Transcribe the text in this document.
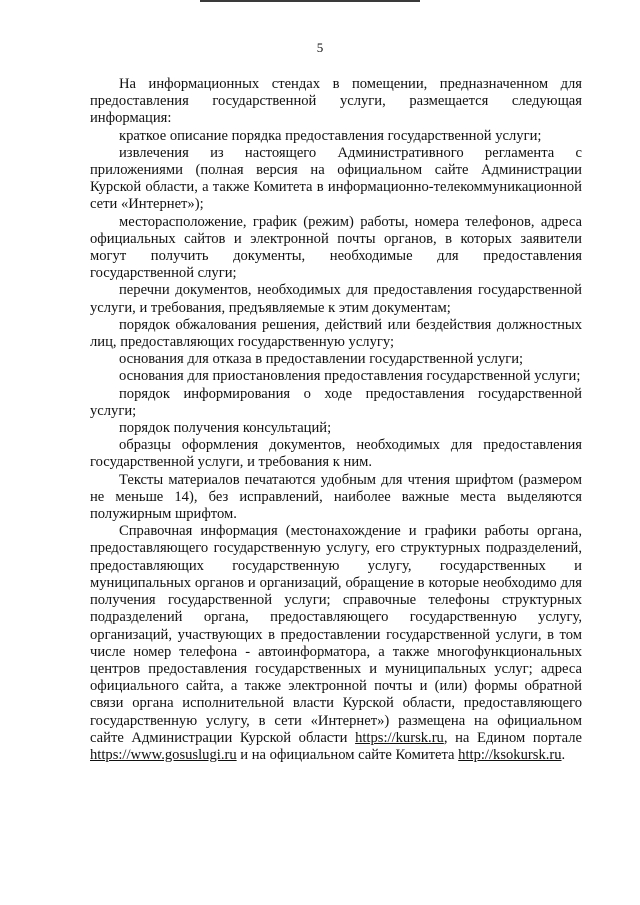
5

На информационных стендах в помещении, предназначенном для предоставления государственной услуги, размещается следующая информация:

краткое описание порядка предоставления государственной услуги;

извлечения из настоящего Административного регламента с приложениями (полная версия на официальном сайте Администрации Курской области, а также Комитета в информационно-телекоммуникационной сети «Интернет»);

месторасположение, график (режим) работы, номера телефонов, адреса официальных сайтов и электронной почты органов, в которых заявители могут получить документы, необходимые для предоставления государственной слуги;

перечни документов, необходимых для предоставления государственной услуги, и требования, предъявляемые к этим документам;

порядок обжалования решения, действий или бездействия должностных лиц, предоставляющих государственную услугу;

основания для отказа в предоставлении государственной услуги;

основания для приостановления предоставления государственной услуги;

порядок информирования о ходе предоставления государственной услуги;

порядок получения консультаций;

образцы оформления документов, необходимых для предоставления государственной услуги, и требования к ним.

Тексты материалов печатаются удобным для чтения шрифтом (размером не меньше 14), без исправлений, наиболее важные места выделяются полужирным шрифтом.

Справочная информация (местонахождение и графики работы органа, предоставляющего государственную услугу, его структурных подразделений, предоставляющих государственную услугу, государственных и муниципальных органов и организаций, обращение в которые необходимо для получения государственной услуги; справочные телефоны структурных подразделений органа, предоставляющего государственную услугу, организаций, участвующих в предоставлении государственной услуги, в том числе номер телефона - автоинформатора, а также многофункциональных центров предоставления государственных и муниципальных услуг; адреса официального сайта, а также электронной почты и (или) формы обратной связи органа исполнительной власти Курской области, предоставляющего государственную услугу, в сети «Интернет») размещена на официальном сайте Администрации Курской области https://kursk.ru, на Едином портале https://www.gosuslugi.ru и на официальном сайте Комитета http://ksokursk.ru.
